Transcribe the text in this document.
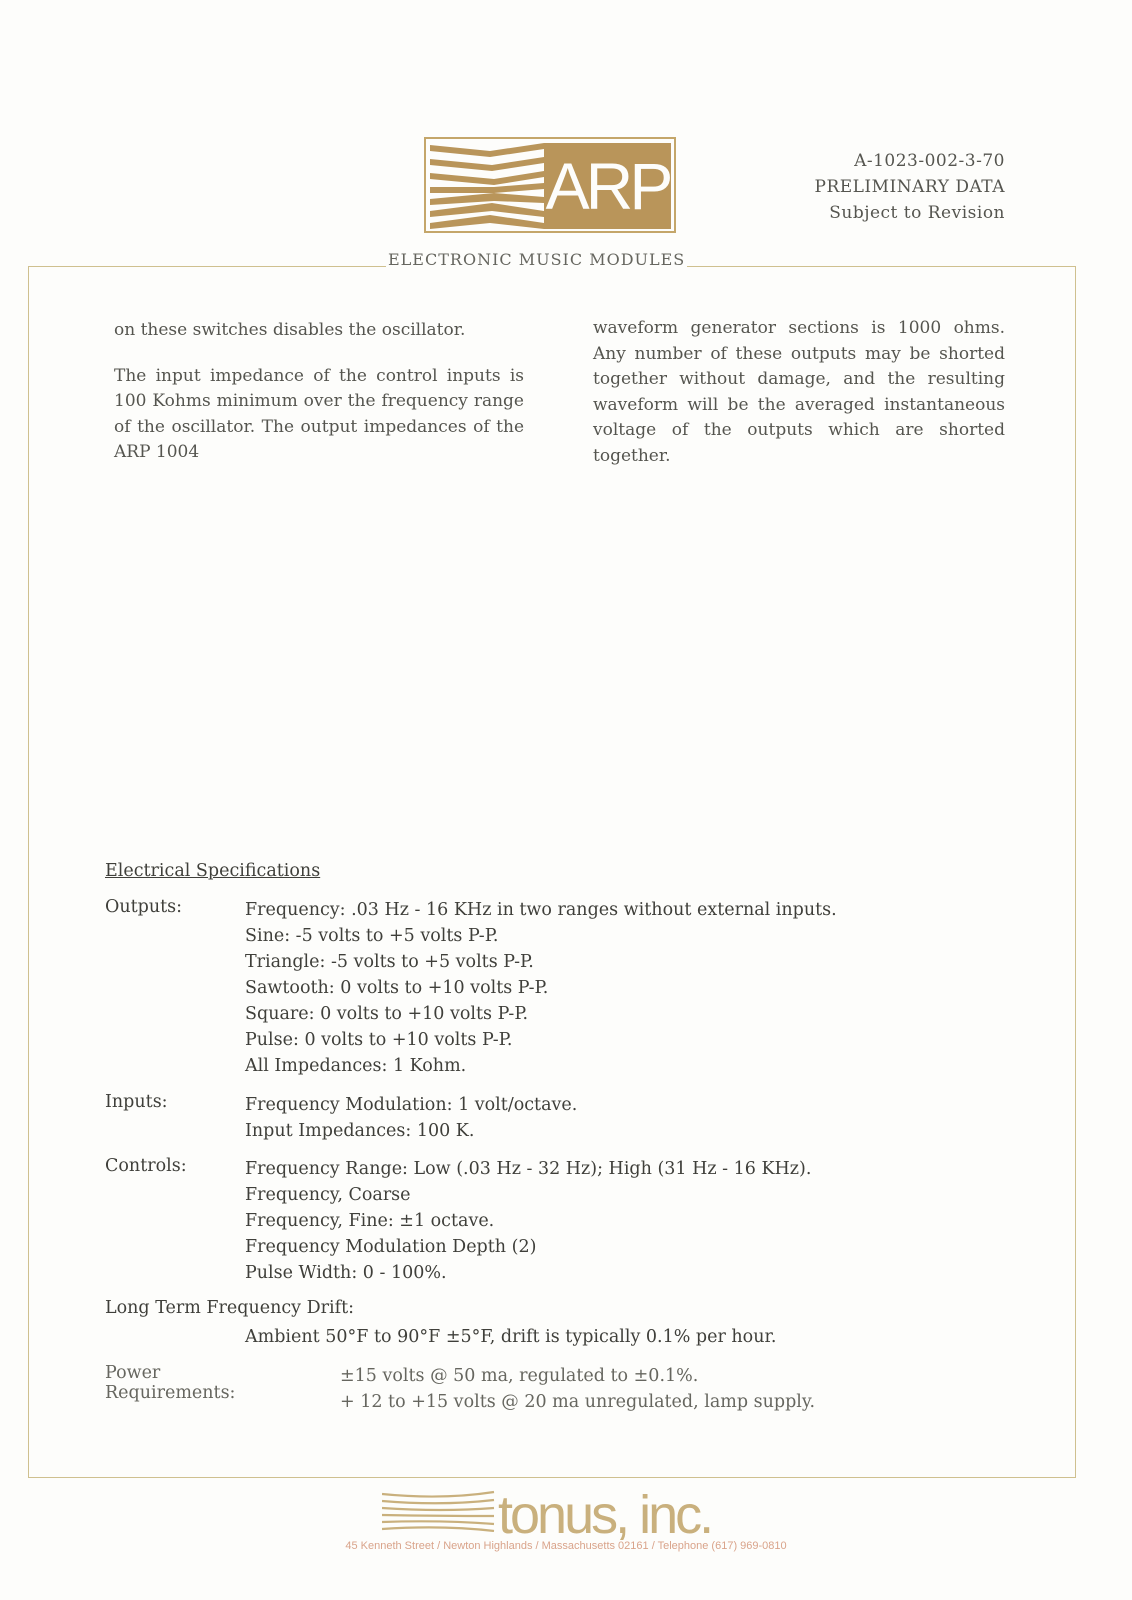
ARP	A-1023-002-3-70
PRELIMINARY DATA
Subject to Revision
ELECTRONIC MUSIC MODULES

on these switches disables the oscillator.

The input impedance of the control inputs is 100 Kohms minimum over the frequency range of the oscillator. The output impedances of the ARP 1004

waveform generator sections is 1000 ohms. Any number of these outputs may be shorted together without damage, and the resulting waveform will be the averaged instantaneous voltage of the outputs which are shorted together.

Electrical Specifications
Outputs:	Frequency: .03 Hz - 16 KHz in two ranges without external inputs.
Sine: -5 volts to +5 volts P-P.
Triangle: -5 volts to +5 volts P-P.
Sawtooth: 0 volts to +10 volts P-P.
Square: 0 volts to +10 volts P-P.
Pulse: 0 volts to +10 volts P-P.
All Impedances: 1 Kohm.
Inputs:	Frequency Modulation: 1 volt/octave.
Input Impedances: 100 K.
Controls:	Frequency Range: Low (.03 Hz - 32 Hz); High (31 Hz - 16 KHz).
Frequency, Coarse
Frequency, Fine: ±1 octave.
Frequency Modulation Depth (2)
Pulse Width: 0 - 100%.
Long Term Frequency Drift:
Ambient 50°F to 90°F ±5°F, drift is typically 0.1% per hour.
Power Requirements:
±15 volts @ 50 ma, regulated to ±0.1%.
+ 12 to +15 volts @ 20 ma unregulated, lamp supply.
tonus, inc.
45 Kenneth Street / Newton Highlands / Massachusetts 02161 / Telephone (617) 969-0810
